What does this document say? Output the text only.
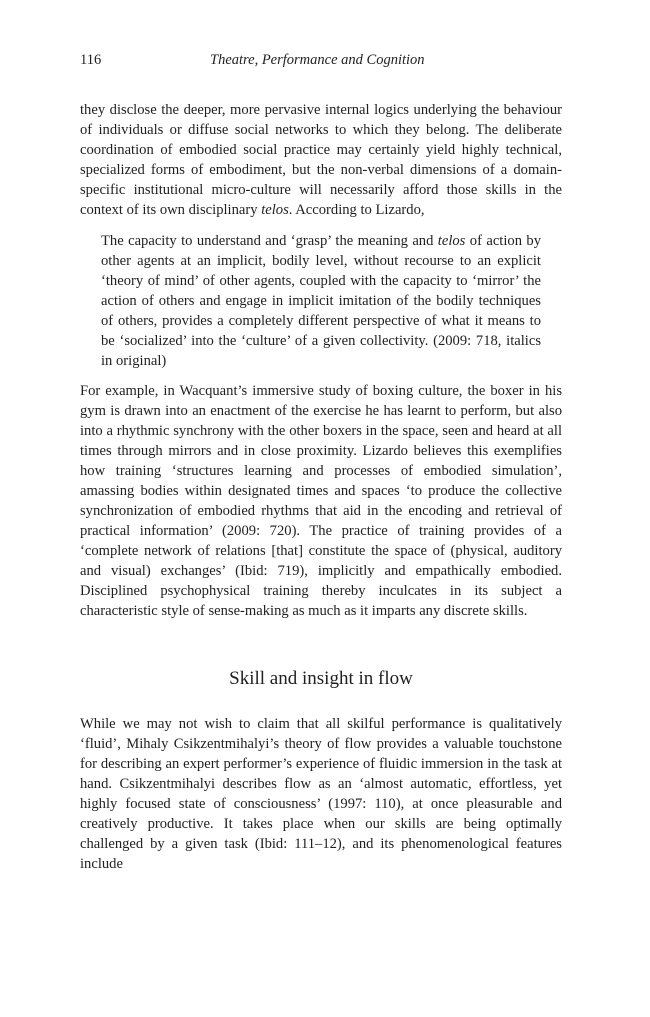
116	Theatre, Performance and Cognition

they disclose the deeper, more pervasive internal logics underlying the behaviour of individuals or diffuse social networks to which they belong. The deliberate coordination of embodied social practice may certainly yield highly technical, specialized forms of embodiment, but the non-verbal dimensions of a domain-specific institutional micro-culture will necessarily afford those skills in the context of its own disciplinary telos. According to Lizardo,

The capacity to understand and ‘grasp’ the meaning and telos of action by other agents at an implicit, bodily level, without recourse to an explicit ‘theory of mind’ of other agents, coupled with the capacity to ‘mirror’ the action of others and engage in implicit imitation of the bodily techniques of others, provides a completely different perspective of what it means to be ‘socialized’ into the ‘culture’ of a given collectivity. (2009: 718, italics in original)

For example, in Wacquant’s immersive study of boxing culture, the boxer in his gym is drawn into an enactment of the exercise he has learnt to perform, but also into a rhythmic synchrony with the other boxers in the space, seen and heard at all times through mirrors and in close proximity. Lizardo believes this exemplifies how training ‘structures learning and processes of embodied simulation’, amassing bodies within designated times and spaces ‘to produce the collective synchronization of embodied rhythms that aid in the encoding and retrieval of practical information’ (2009: 720). The practice of training provides of a ‘complete network of relations [that] constitute the space of (physical, auditory and visual) exchanges’ (Ibid: 719), implicitly and empathically embodied. Disciplined psychophysical training thereby inculcates in its subject a characteristic style of sense-making as much as it imparts any discrete skills.

Skill and insight in flow

While we may not wish to claim that all skilful performance is qualitatively ‘fluid’, Mihaly Csikzentmihalyi’s theory of flow provides a valuable touchstone for describing an expert performer’s experience of fluidic immersion in the task at hand. Csikzentmihalyi describes flow as an ‘almost automatic, effortless, yet highly focused state of consciousness’ (1997: 110), at once pleasurable and creatively productive. It takes place when our skills are being optimally challenged by a given task (Ibid: 111–12), and its phenomenological features include
